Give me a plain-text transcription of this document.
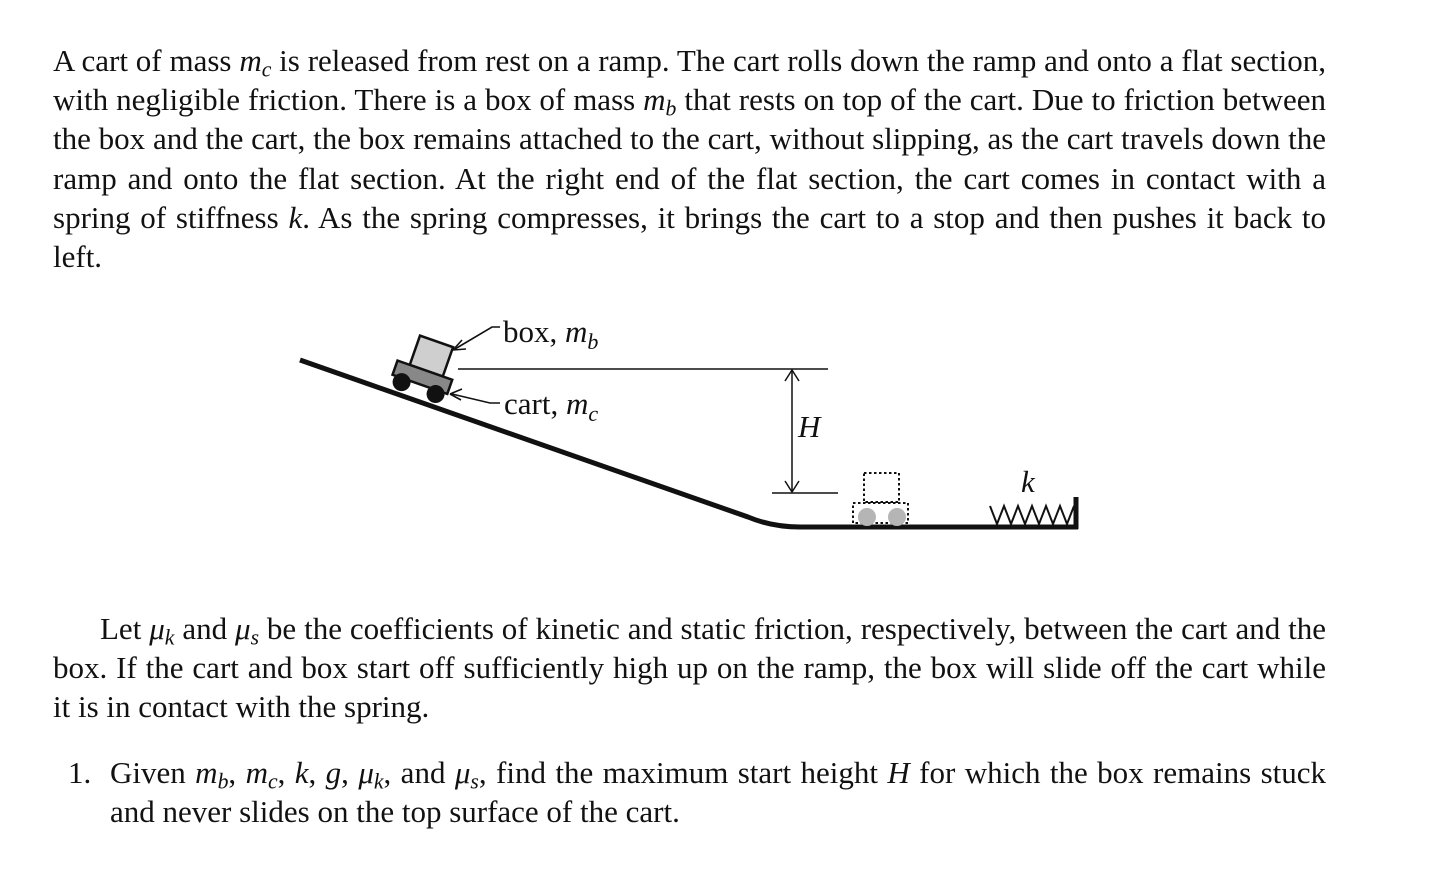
A cart of mass $m_c$ is released from rest on a ramp. The cart rolls down the ramp and onto a flat section, with negligible friction. There is a box of mass $m_b$ that rests on top of the cart. Due to friction between the box and the cart, the box remains attached to the cart, without slipping, as the cart travels down the ramp and onto the flat section. At the right end of the flat section, the cart comes in contact with a spring of stiffness k. As the spring compresses, it brings the cart to a stop and then pushes it back to left.

box, $m_b$
cart, $m_c$	H
k

Let $\mu_k$ and $\mu_s$ be the coefficients of kinetic and static friction, respectively, between the cart and the box. If the cart and box start off sufficiently high up on the ramp, the box will slide off the cart while it is in contact with the spring.

1. Given $m_b$, $m_c$, k, g, $\mu_k$, and $\mu_s$, find the maximum start height H for which the box remains stuck and never slides on the top surface of the cart.
